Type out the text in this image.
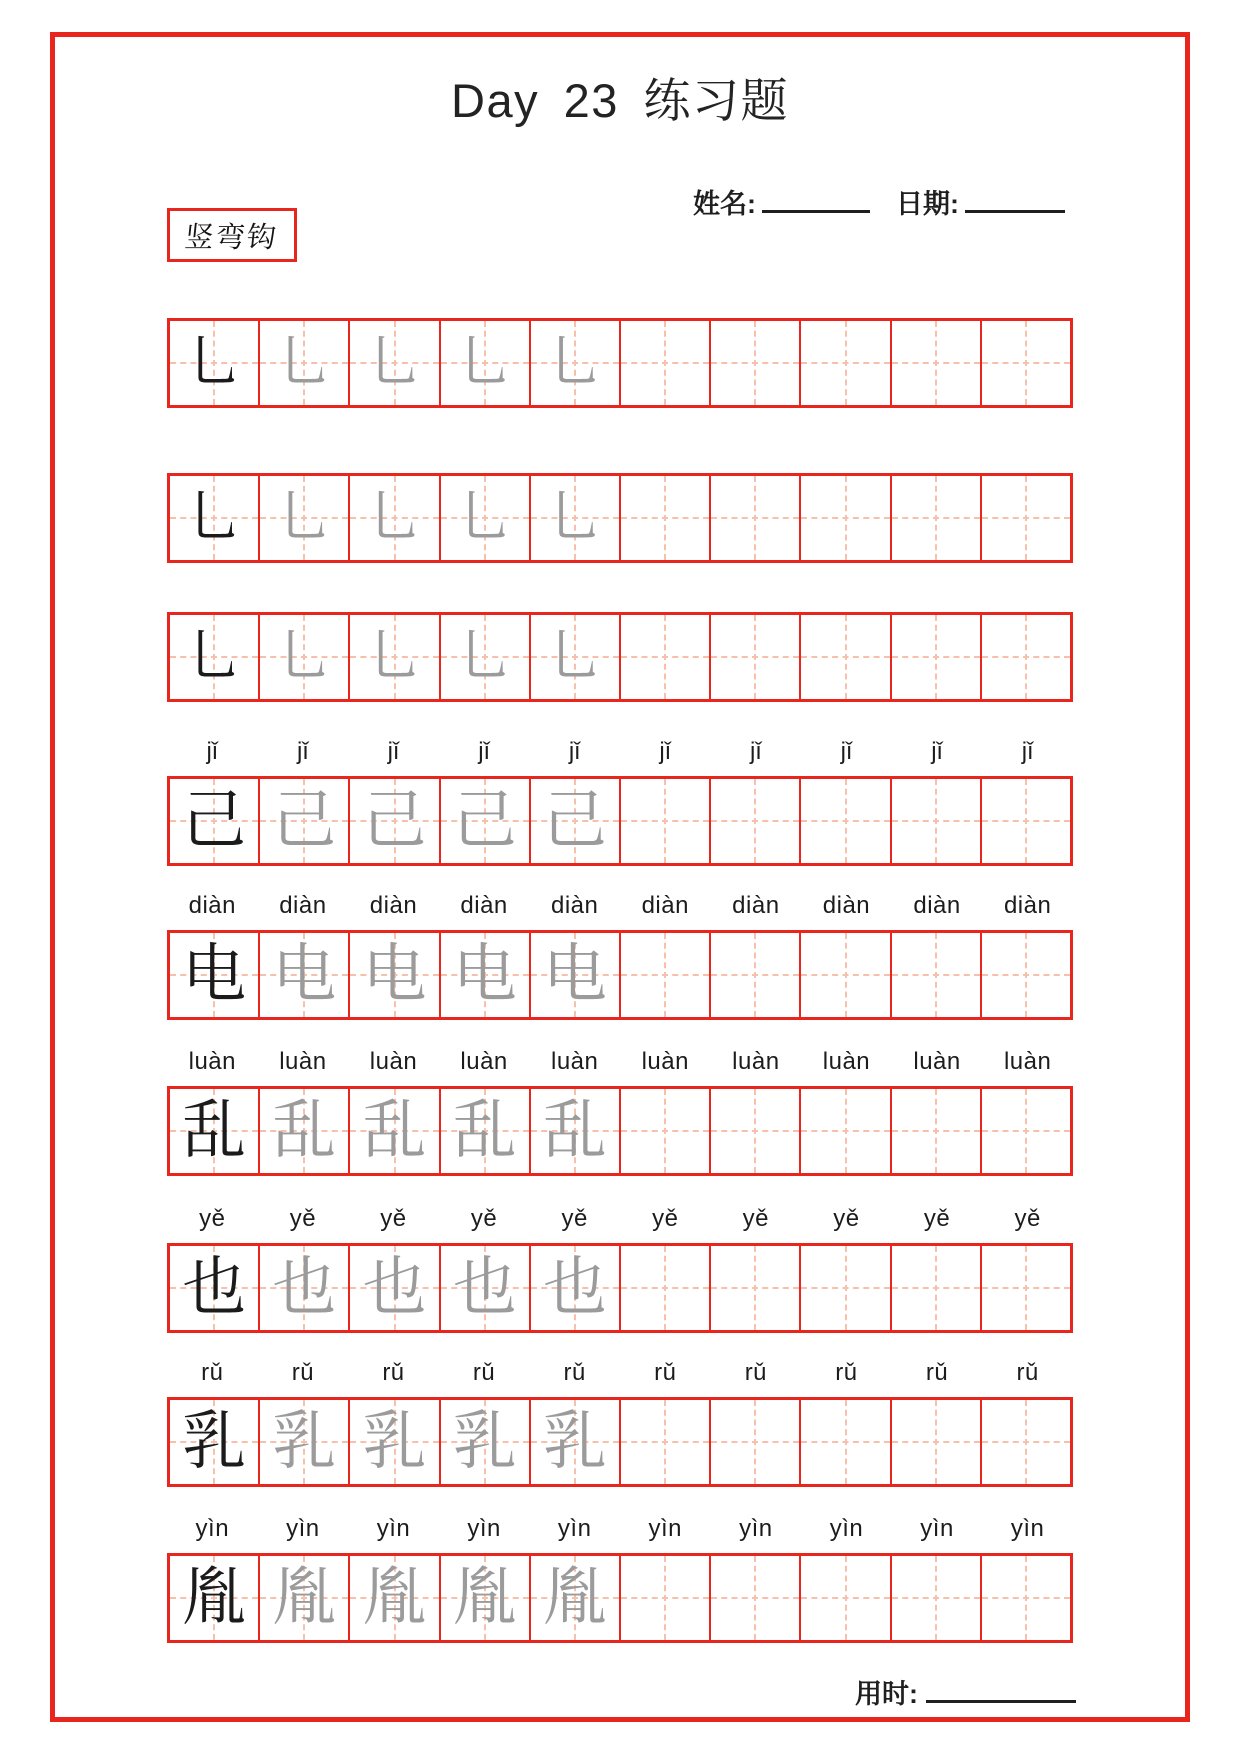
Day 23 练习题
姓名:	日期:
竖弯钩
乚 乚 乚 乚 乚
乚 乚 乚 乚 乚
乚 乚 乚 乚 乚
jǐ	jǐ	jǐ	jǐ	jǐ	jǐ	jǐ	jǐ	jǐ	jǐ
己 己 己 己 己
diàn	diàn	diàn	diàn	diàn	diàn	diàn	diàn	diàn	diàn
电 电 电 电 电
luàn	luàn	luàn	luàn	luàn	luàn	luàn	luàn	luàn	luàn
乱 乱 乱 乱 乱
yě	yě	yě	yě	yě	yě	yě	yě	yě	yě
也 也 也 也 也
rǔ	rǔ	rǔ	rǔ	rǔ	rǔ	rǔ	rǔ	rǔ	rǔ
乳 乳 乳 乳 乳
yìn	yìn	yìn	yìn	yìn	yìn	yìn	yìn	yìn	yìn
胤 胤 胤 胤 胤
用时:
